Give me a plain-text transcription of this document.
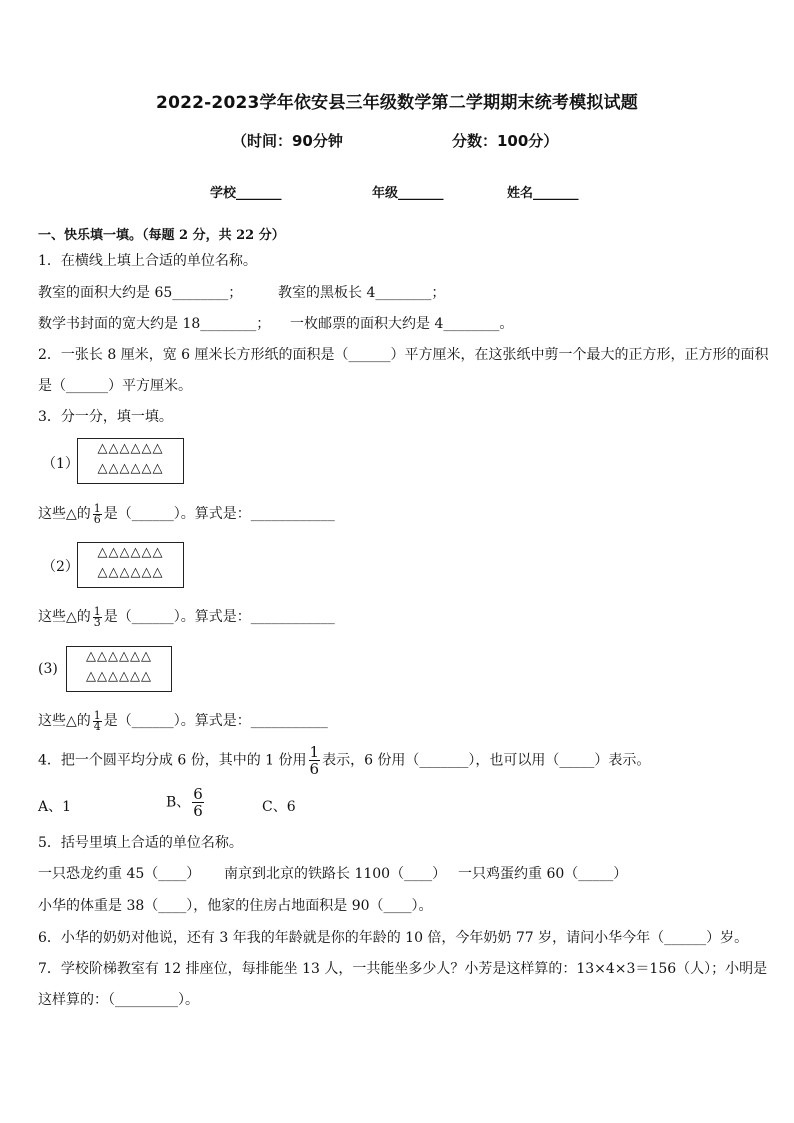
2022-2023学年依安县三年级数学第二学期期末统考模拟试题
（时间：90分钟	分数：100分）
学校_______	年级_______	姓名_______
一、快乐填一填。（每题 2 分，共 22 分）
1．在横线上填上合适的单位名称。
教室的面积大约是 65________；	教室的黑板长 4________；
数学书封面的宽大约是 18________； 一枚邮票的面积大约是 4________。
2．一张长 8 厘米，宽 6 厘米长方形纸的面积是（______）平方厘米，在这张纸中剪一个最大的正方形，正方形的面积
是（______）平方厘米。
3．分一分，填一填。
（1）
△△△△△△
△△△△△△
这些△的 $\frac{1}{6}$ 是（______）。算式是：____________
（2）
△△△△△△
△△△△△△
这些△的 $\frac{1}{3}$ 是（______）。算式是：____________
(3)
△△△△△△
△△△△△△
这些△的 $\frac{1}{4}$ 是（______）。算式是：___________
4．把一个圆平均分成 6 份，其中的 1 份用 $\frac{1}{6}$ 表示，6 份用（_______），也可以用（_____）表示。
A、1	B、 $\frac{6}{6}$	C、6
5．括号里填上合适的单位名称。
一只恐龙约重 45（____） 南京到北京的铁路长 1100（____） 一只鸡蛋约重 60（_____）
小华的体重是 38（____），他家的住房占地面积是 90（____）。
6．小华的奶奶对他说，还有 3 年我的年龄就是你的年龄的 10 倍，今年奶奶 77 岁，请问小华今年（______）岁。
7．学校阶梯教室有 12 排座位，每排能坐 13 人，一共能坐多少人？小芳是这样算的：13×4×3＝156（人）；小明是
这样算的：（_________）。
